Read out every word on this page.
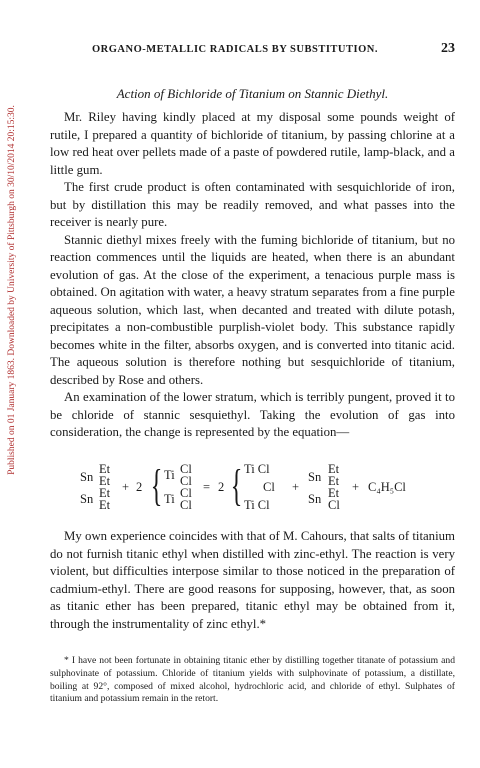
Published on 01 January 1863. Downloaded by University of Pittsburgh on 30/10/2014 20:15:30.
ORGANO-METALLIC RADICALS BY SUBSTITUTION.	23
Action of Bichloride of Titanium on Stannic Diethyl.

Mr. Riley having kindly placed at my disposal some pounds weight of rutile, I prepared a quantity of bichloride of titanium, by passing chlorine at a low red heat over pellets made of a paste of powdered rutile, lamp-black, and a little gum.

The first crude product is often contaminated with sesquichloride of iron, but by distillation this may be readily removed, and what passes into the receiver is nearly pure.

Stannic diethyl mixes freely with the fuming bichloride of titanium, but no reaction commences until the liquids are heated, when there is an abundant evolution of gas. At the close of the experiment, a tenacious purple mass is obtained. On agitation with water, a heavy stratum separates from a fine purple aqueous solution, which last, when decanted and treated with dilute potash, precipitates a non-combustible purplish-violet body. This substance rapidly becomes white in the filter, absorbs oxygen, and is converted into titanic acid. The aqueous solution is therefore nothing but sesquichloride of titanium, described by Rose and others.

An examination of the lower stratum, which is terribly pungent, proved it to be chloride of stannic sesquiethyl. Taking the evolution of gas into consideration, the change is represented by the equation—

Sn
Et
Et
Sn Et
Et
+ 2 { Ti Cl
Cl
Ti Cl
Cl
= 2 { Ti Cl
Cl
Ti Cl
+
Sn
Et
Et
Sn Et
Cl
+ C₄H₅Cl

My own experience coincides with that of M. Cahours, that salts of titanium do not furnish titanic ethyl when distilled with zinc-ethyl. The reaction is very violent, but difficulties interpose similar to those noticed in the preparation of cadmium-ethyl. There are good reasons for supposing, however, that, as soon as titanic ether has been prepared, titanic ethyl may be obtained from it, through the instrumentality of zinc ethyl.*

* I have not been fortunate in obtaining titanic ether by distilling together titanate of potassium and sulphovinate of potassium. Chloride of titanium yields with sulphovinate of potassium, a distillate, boiling at 92°, composed of mixed alcohol, hydrochloric acid, and chloride of ethyl. Sulphates of titanium and potassium remain in the retort.
